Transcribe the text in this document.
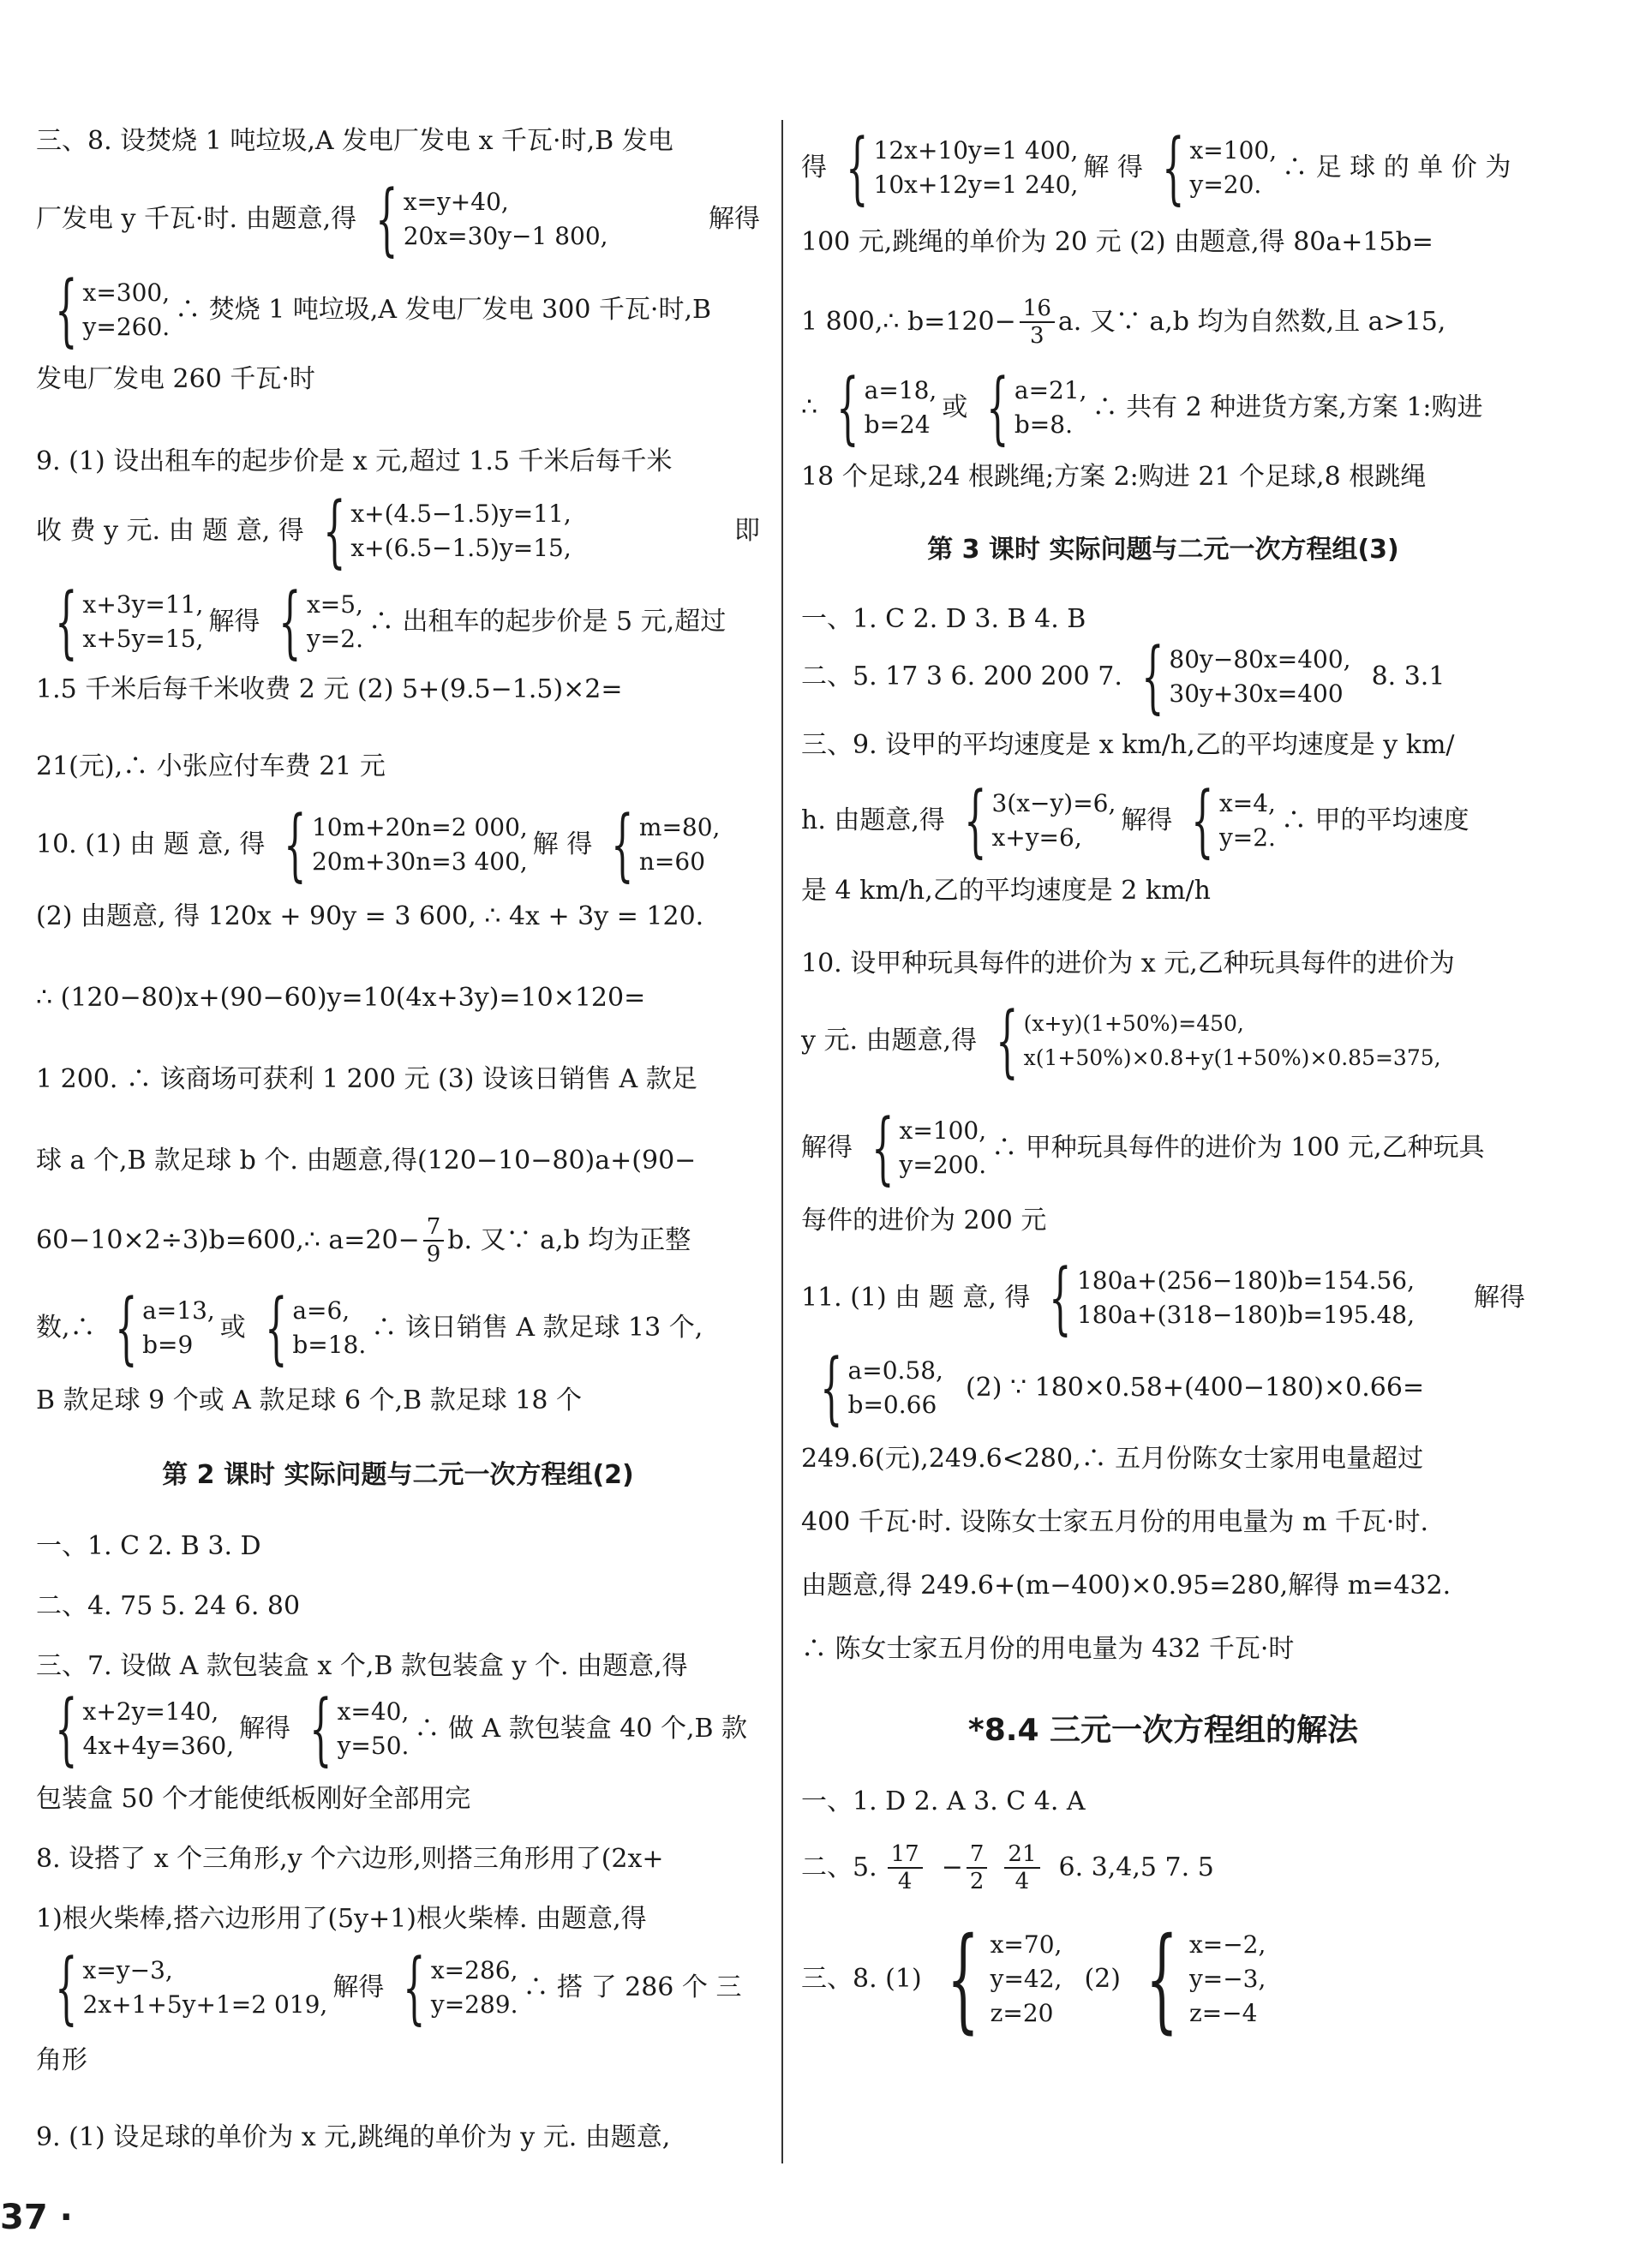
三、8. 设焚烧 1 吨垃圾,A 发电厂发电 x 千瓦·时,B 发电
厂发电 y 千瓦·时. 由题意,得 { x=y+40,
20x=30y−1 800,
解得
{ x=300,
y=260.
∴ 焚烧 1 吨垃圾,A 发电厂发电 300 千瓦·时,B
发电厂发电 260 千瓦·时
9. (1) 设出租车的起步价是 x 元,超过 1.5 千米后每千米
收 费 y 元. 由 题 意, 得 { x+(4.5−1.5)y=11,
x+(6.5−1.5)y=15,
即
{ x+3y=11,
x+5y=15,
解得 { x=5,
y=2.
∴ 出租车的起步价是 5 元,超过
1.5 千米后每千米收费 2 元 (2) 5+(9.5−1.5)×2=
21(元),∴ 小张应付车费 21 元
10. (1) 由 题 意, 得 { 10m+20n=2 000,
20m+30n=3 400,
解 得 { m=80,
n=60
(2) 由题意, 得 120x + 90y = 3 600, ∴ 4x + 3y = 120.
∴ (120−80)x+(90−60)y=10(4x+3y)=10×120=
1 200. ∴ 该商场可获利 1 200 元 (3) 设该日销售 A 款足
球 a 个,B 款足球 b 个. 由题意,得(120−10−80)a+(90−
60−10×2÷3)b=600,∴ $a=20- \frac{7}{9} b$. 又∵ a,b 均为正整
数,∴ { a=13,
b=9
或 { a=6,
b=18.
∴ 该日销售 A 款足球 13 个,
B 款足球 9 个或 A 款足球 6 个,B 款足球 18 个
第 2 课时 实际问题与二元一次方程组(2)
一、1. C 2. B 3. D
二、4. 75 5. 24 6. 80
三、7. 设做 A 款包装盒 x 个,B 款包装盒 y 个. 由题意,得
{ x+2y=140,
4x+4y=360,
解得 { x=40,
y=50.
∴ 做 A 款包装盒 40 个,B 款
包装盒 50 个才能使纸板刚好全部用完
8. 设搭了 x 个三角形,y 个六边形,则搭三角形用了(2x+
1)根火柴棒,搭六边形用了(5y+1)根火柴棒. 由题意,得
{ x=y−3,
2x+1+5y+1=2 019,
解得 { x=286,
y=289.
∴ 搭 了 286 个 三
角形
9. (1) 设足球的单价为 x 元,跳绳的单价为 y 元. 由题意,
得 { 12x+10y=1 400,
10x+12y=1 240,
解 得 { x=100,
y=20.
∴ 足 球 的 单 价 为
100 元,跳绳的单价为 20 元 (2) 由题意,得 80a+15b=
1 800,∴ $b=120- \frac{16}{3} a$. 又∵ a,b 均为自然数,且 a>15,
∴ { a=18,
b=24
或 { a=21,
b=8.
∴ 共有 2 种进货方案,方案 1:购进
18 个足球,24 根跳绳;方案 2:购进 21 个足球,8 根跳绳
第 3 课时 实际问题与二元一次方程组(3)
一、1. C 2. D 3. B 4. B
二、5. 17 3 6. 200 200 7. { 80y−80x=400,
30y+30x=400
8. 3.1
三、9. 设甲的平均速度是 x km/h,乙的平均速度是 y km/
h. 由题意,得 { 3(x−y)=6,
x+y=6,
解得 { x=4,
y=2.
∴ 甲的平均速度
是 4 km/h,乙的平均速度是 2 km/h
10. 设甲种玩具每件的进价为 x 元,乙种玩具每件的进价为
y 元. 由题意,得 { (x+y)(1+50%)=450,
x(1+50%)×0.8+y(1+50%)×0.85=375,
解得 { x=100,
y=200.
∴ 甲种玩具每件的进价为 100 元,乙种玩具
每件的进价为 200 元
11. (1) 由 题 意, 得 { 180a+(256−180)b=154.56,
180a+(318−180)b=195.48,
解得
{ a=0.58,
b=0.66
(2) ∵ 180×0.58+(400−180)×0.66=
249.6(元),249.6<280,∴ 五月份陈女士家用电量超过
400 千瓦·时. 设陈女士家五月份的用电量为 m 千瓦·时.
由题意,得 249.6+(m−400)×0.95=280,解得 m=432.
∴ 陈女士家五月份的用电量为 432 千瓦·时
*8.4 三元一次方程组的解法
一、1. D 2. A 3. C 4. A
二、5. $\frac{17}{4} - \frac{7}{2} \frac{21}{4} 6$. 3,4,5 7. 5
三、8. (1) { x=70,
y=42,
z=20
(2) { x=−2,
y=−3,
z=−4
37 ·
